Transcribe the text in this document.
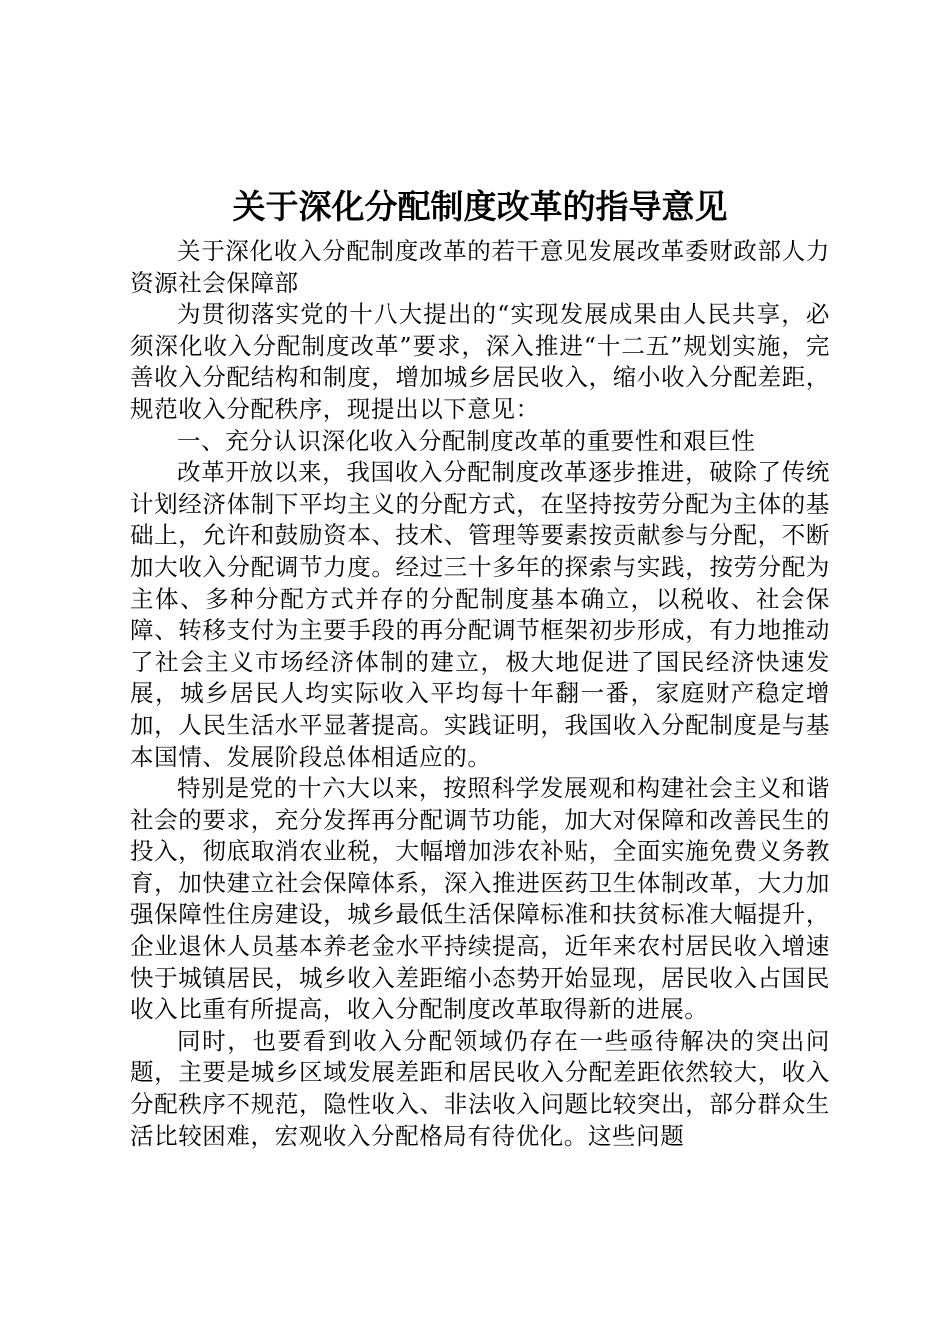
关于深化分配制度改革的指导意见

关于深化收入分配制度改革的若干意见发展改革委财政部人力资源社会保障部

为贯彻落实党的十八大提出的“实现发展成果由人民共享，必须深化收入分配制度改革”要求，深入推进“十二五”规划实施，完善收入分配结构和制度，增加城乡居民收入，缩小收入分配差距，规范收入分配秩序，现提出以下意见：

一、充分认识深化收入分配制度改革的重要性和艰巨性

改革开放以来，我国收入分配制度改革逐步推进，破除了传统计划经济体制下平均主义的分配方式，在坚持按劳分配为主体的基础上，允许和鼓励资本、技术、管理等要素按贡献参与分配，不断加大收入分配调节力度。经过三十多年的探索与实践，按劳分配为主体、多种分配方式并存的分配制度基本确立，以税收、社会保障、转移支付为主要手段的再分配调节框架初步形成，有力地推动了社会主义市场经济体制的建立，极大地促进了国民经济快速发展，城乡居民人均实际收入平均每十年翻一番，家庭财产稳定增加，人民生活水平显著提高。实践证明，我国收入分配制度是与基本国情、发展阶段总体相适应的。

特别是党的十六大以来，按照科学发展观和构建社会主义和谐社会的要求，充分发挥再分配调节功能，加大对保障和改善民生的投入，彻底取消农业税，大幅增加涉农补贴，全面实施免费义务教育，加快建立社会保障体系，深入推进医药卫生体制改革，大力加强保障性住房建设，城乡最低生活保障标准和扶贫标准大幅提升，企业退休人员基本养老金水平持续提高，近年来农村居民收入增速快于城镇居民，城乡收入差距缩小态势开始显现，居民收入占国民收入比重有所提高，收入分配制度改革取得新的进展。

同时，也要看到收入分配领域仍存在一些亟待解决的突出问题，主要是城乡区域发展差距和居民收入分配差距依然较大，收入分配秩序不规范，隐性收入、非法收入问题比较突出，部分群众生活比较困难，宏观收入分配格局有待优化。这些问题
